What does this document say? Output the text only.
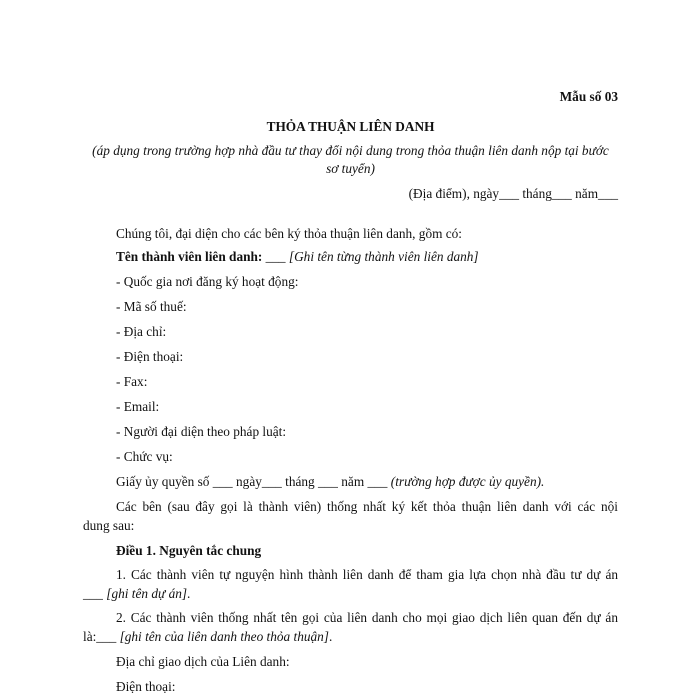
Mẫu số 03
THỎA THUẬN LIÊN DANH
(áp dụng trong trường hợp nhà đầu tư thay đổi nội dung trong thỏa thuận liên danh nộp tại bước
sơ tuyển)
(Địa điểm), ngày___ tháng___ năm___
Chúng tôi, đại diện cho các bên ký thỏa thuận liên danh, gồm có:
Tên thành viên liên danh: ___ [Ghi tên từng thành viên liên danh]
- Quốc gia nơi đăng ký hoạt động:
- Mã số thuế:
- Địa chỉ:
- Điện thoại:
- Fax:
- Email:
- Người đại diện theo pháp luật:
- Chức vụ:
Giấy ủy quyền số ___ ngày___ tháng ___ năm ___ (trường hợp được ủy quyền).
Các bên (sau đây gọi là thành viên) thống nhất ký kết thỏa thuận liên danh với các nội
dung sau:
Điều 1. Nguyên tắc chung
1. Các thành viên tự nguyện hình thành liên danh để tham gia lựa chọn nhà đầu tư dự án
___ [ghi tên dự án].
2. Các thành viên thống nhất tên gọi của liên danh cho mọi giao dịch liên quan đến dự án
là:___ [ghi tên của liên danh theo thỏa thuận].
Địa chỉ giao dịch của Liên danh:
Điện thoại:
